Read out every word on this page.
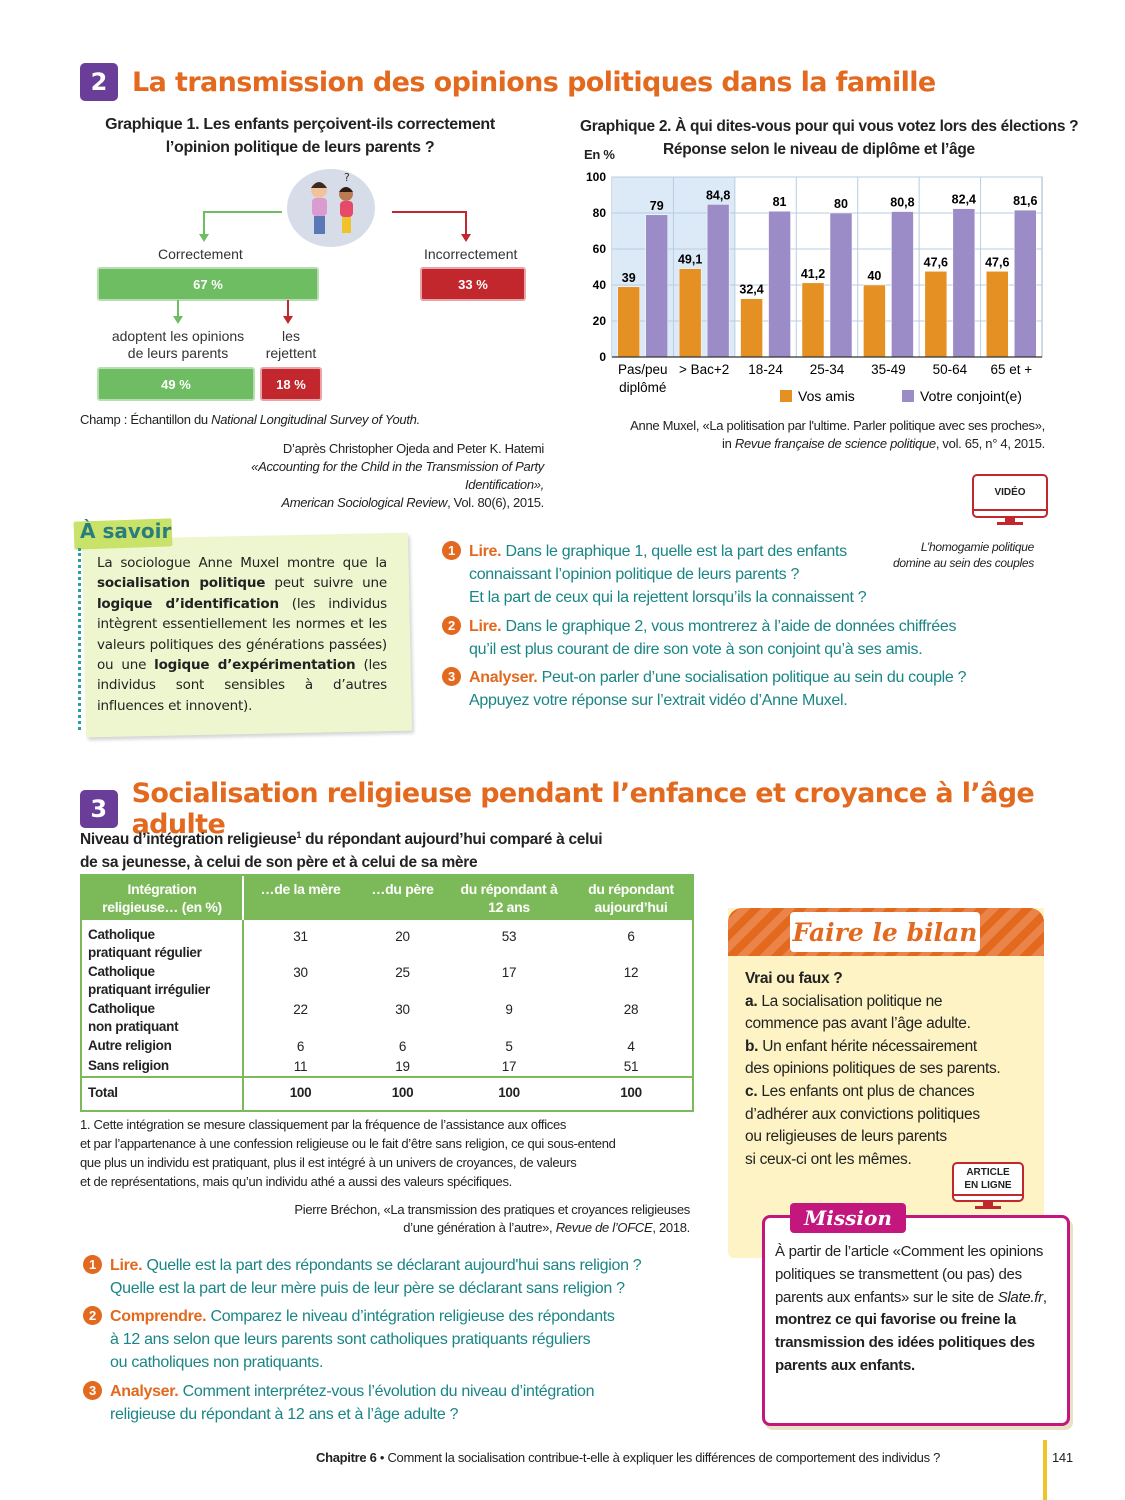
2 La transmission des opinions politiques dans la famille
Graphique 1. Les enfants perçoivent-ils correctement
l’opinion politique de leurs parents ?
?
Correctement	Incorrectement
67 %	33 %
adoptent les opinions
de leurs parents
les
rejettent
49 %	18 %
Champ : Échantillon du National Longitudinal Survey of Youth.
D’après Christopher Ojeda and Peter K. Hatemi
«Accounting for the Child in the Transmission of Party Identification»,
American Sociological Review, Vol. 80(6), 2015.
Graphique 2. À qui dites-vous pour qui vous votez lors des élections ?
Réponse selon le niveau de diplôme et l’âge
En %
0
20
40
60
80
100
39
79
Pas/peu
diplômé
49,1
84,8
> Bac+2
32,4
81
18-24
41,2
80
25-34
40
80,8
35-49
47,6
82,4
50-64
47,6
81,6
65 et +
Vos amis	Votre conjoint(e)
Anne Muxel, «La politisation par l'ultime. Parler politique avec ses proches»,
in Revue française de science politique, vol. 65, n° 4, 2015.
VIDÉO
L’homogamie politique
domine au sein des couples
À savoir
La sociologue Anne Muxel montre que la socialisation politique peut suivre une logique d’identification (les individus intègrent essentiellement les normes et les valeurs politiques des générations passées) ou une logique d’expérimentation (les individus sont sensibles à d’autres influences et innovent).
1 Lire. Dans le graphique 1, quelle est la part des enfants
connaissant l’opinion politique de leurs parents ?
Et la part de ceux qui la rejettent lorsqu’ils la connaissent ?
2 Lire. Dans le graphique 2, vous montrerez à l’aide de données chiffrées
qu’il est plus courant de dire son vote à son conjoint qu’à ses amis.
3 Analyser. Peut-on parler d’une socialisation politique au sein du couple ?
Appuyez votre réponse sur l’extrait vidéo d’Anne Muxel.
3 Socialisation religieuse pendant l’enfance et croyance à l’âge adulte
Niveau d’intégration religieuse$^1$ du répondant aujourd’hui comparé à celui
de sa jeunesse, à celui de son père et à celui de sa mère
Intégration religieuse… (en %)	…de la mère	…du père	du répondant à 12 ans	du répondant aujourd’hui

Catholique
pratiquant régulier	31	20	53	6

Catholique
pratiquant irrégulier	30	25	17	12

Catholique
non pratiquant	22	30	9	28

Autre religion	6	6	5	4

Sans religion	11	19	17	51
Total	100	100	100	100
1. Cette intégration se mesure classiquement par la fréquence de l’assistance aux offices
et par l’appartenance à une confession religieuse ou le fait d’être sans religion, ce qui sous-entend
que plus un individu est pratiquant, plus il est intégré à un univers de croyances, de valeurs
et de représentations, mais qu’un individu athé a aussi des valeurs spécifiques.
Pierre Bréchon, «La transmission des pratiques et croyances religieuses
d’une génération à l’autre», Revue de l’OFCE, 2018.
1 Lire. Quelle est la part des répondants se déclarant aujourd'hui sans religion ?
Quelle est la part de leur mère puis de leur père se déclarant sans religion ?
2 Comprendre. Comparez le niveau d’intégration religieuse des répondants
à 12 ans selon que leurs parents sont catholiques pratiquants réguliers
ou catholiques non pratiquants.
3 Analyser. Comment interprétez-vous l’évolution du niveau d’intégration
religieuse du répondant à 12 ans et à l’âge adulte ?
Faire le bilan
Vrai ou faux ?
a. La socialisation politique ne
commence pas avant l’âge adulte.
b. Un enfant hérite nécessairement
des opinions politiques de ses parents.
c. Les enfants ont plus de chances
d’adhérer aux convictions politiques
ou religieuses de leurs parents
si ceux-ci ont les mêmes.
ARTICLE
EN LIGNE
Mission
À partir de l’article «Comment les opinions politiques se transmettent (ou pas) des parents aux enfants» sur le site de Slate.fr, montrez ce qui favorise ou freine la transmission des idées politiques des parents aux enfants.
Chapitre 6 • Comment la socialisation contribue-t-elle à expliquer les différences de comportement des individus ?	141
